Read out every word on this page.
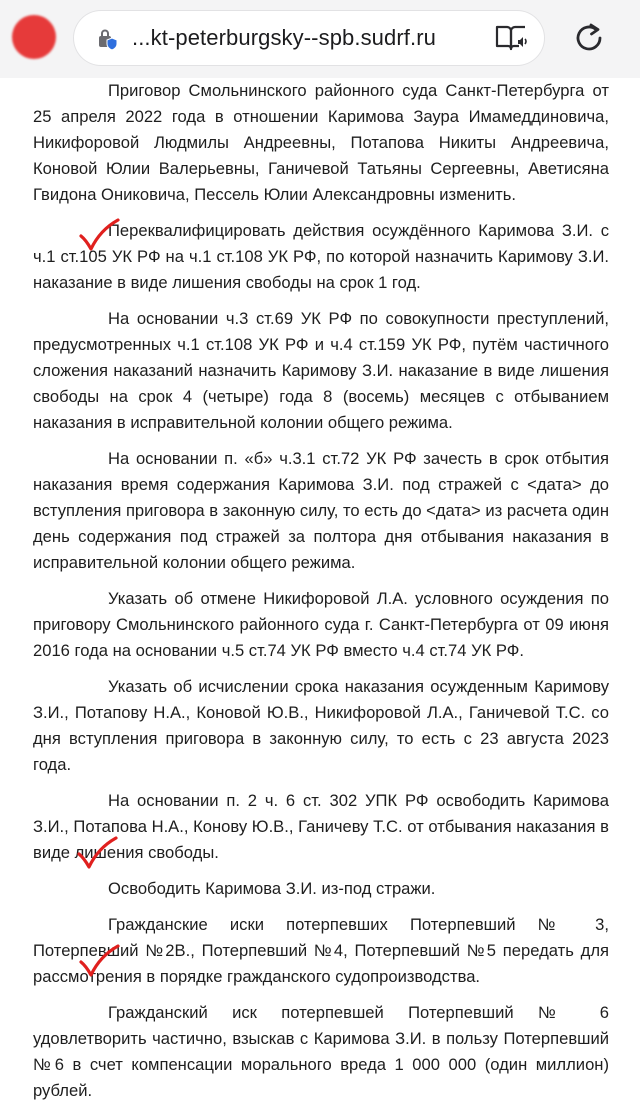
...kt-peterburgsky--spb.sudrf.ru

Приговор Смольнинского районного суда Санкт-Петербурга от 25 апреля 2022 года в отношении Каримова Заура Имамеддиновича, Никифоровой Людмилы Андреевны, Потапова Никиты Андреевича, Коновой Юлии Валерьевны, Ганичевой Татьяны Сергеевны, Аветисяна Гвидона Ониковича, Пессель Юлии Александровны изменить.

Переквалифицировать действия осуждённого Каримова З.И. с ч.1 ст.105 УК РФ на ч.1 ст.108 УК РФ, по которой назначить Каримову З.И. наказание в виде лишения свободы на срок 1 год.

На основании ч.3 ст.69 УК РФ по совокупности преступлений, предусмотренных ч.1 ст.108 УК РФ и ч.4 ст.159 УК РФ, путём частичного сложения наказаний назначить Каримову З.И. наказание в виде лишения свободы на срок 4 (четыре) года 8 (восемь) месяцев с отбыванием наказания в исправительной колонии общего режима.

На основании п. «б» ч.3.1 ст.72 УК РФ зачесть в срок отбытия наказания время содержания Каримова З.И. под стражей с <дата> до вступления приговора в законную силу, то есть до <дата> из расчета один день содержания под стражей за полтора дня отбывания наказания в исправительной колонии общего режима.

Указать об отмене Никифоровой Л.А. условного осуждения по приговору Смольнинского районного суда г. Санкт-Петербурга от 09 июня 2016 года на основании ч.5 ст.74 УК РФ вместо ч.4 ст.74 УК РФ.

Указать об исчислении срока наказания осужденным Каримову З.И., Потапову Н.А., Коновой Ю.В., Никифоровой Л.А., Ганичевой Т.С. со дня вступления приговора в законную силу, то есть с 23 августа 2023 года.

На основании п. 2 ч. 6 ст. 302 УПК РФ освободить Каримова З.И., Потапова Н.А., Конову Ю.В., Ганичеву Т.С. от отбывания наказания в виде лишения свободы.

Освободить Каримова З.И. из-под стражи.

Гражданские иски потерпевших Потерпевший № 3, Потерпевший №2В., Потерпевший №4, Потерпевший №5 передать для рассмотрения в порядке гражданского судопроизводства.

Гражданский иск потерпевшей Потерпевший № 6 удовлетворить частично, взыскав с Каримова З.И. в пользу Потерпевший №6 в счет компенсации морального вреда 1 000 000 (один миллион) рублей.
